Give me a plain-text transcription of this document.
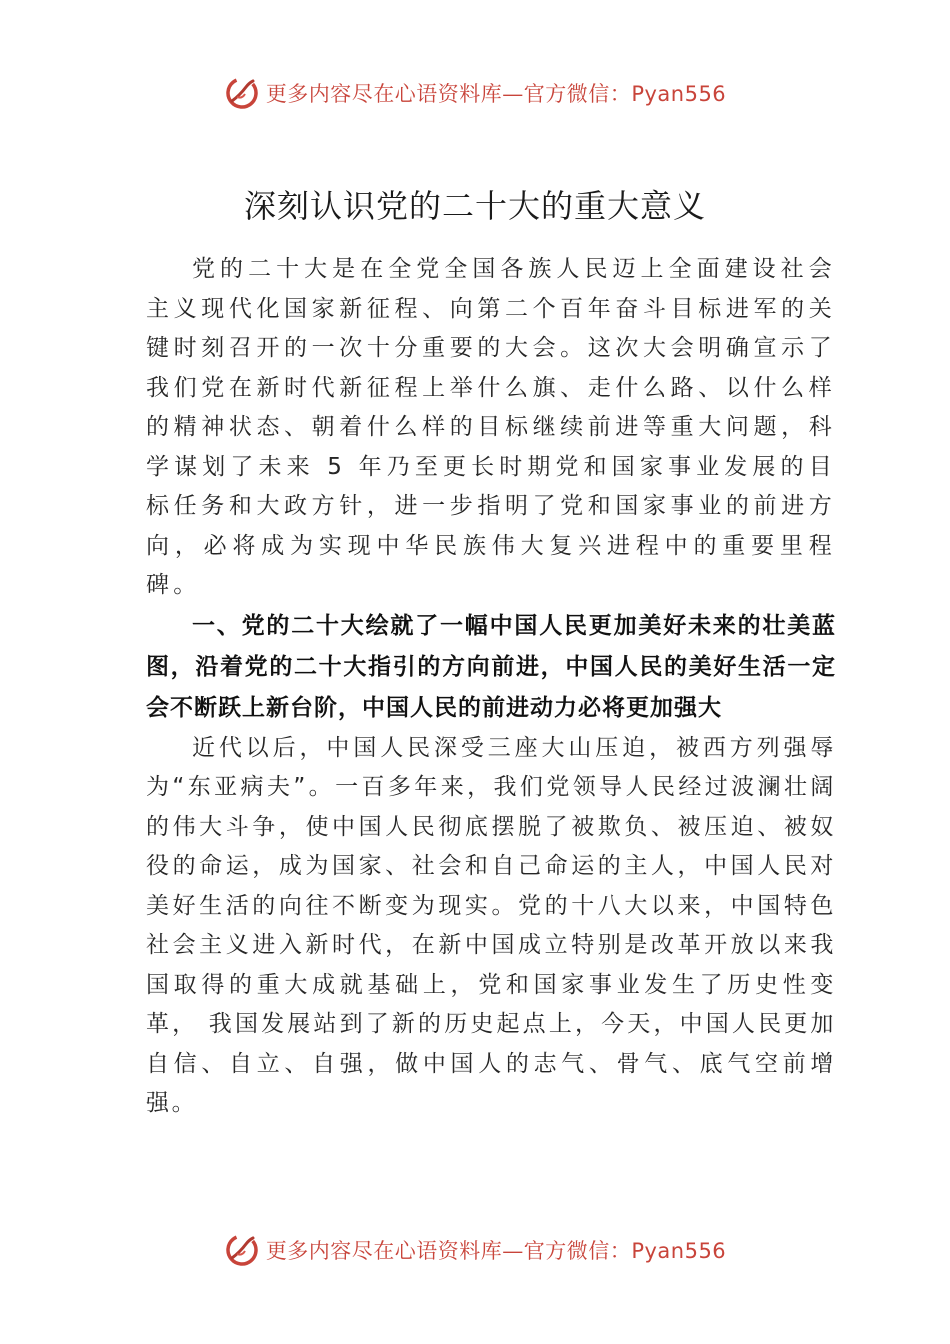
更多内容尽在心语资料库—官方微信：Pyan556
深刻认识党的二十大的重大意义

党的二十大是在全党全国各族人民迈上全面建设社会主义现代化国家新征程、向第二个百年奋斗目标进军的关键时刻召开的一次十分重要的大会。这次大会明确宣示了我们党在新时代新征程上举什么旗、走什么路、以什么样的精神状态、朝着什么样的目标继续前进等重大问题，科学谋划了未来 5 年乃至更长时期党和国家事业发展的目标任务和大政方针，进一步指明了党和国家事业的前进方向，必将成为实现中华民族伟大复兴进程中的重要里程碑。

一、党的二十大绘就了一幅中国人民更加美好未来的壮美蓝图，沿着党的二十大指引的方向前进，中国人民的美好生活一定会不断跃上新台阶，中国人民的前进动力必将更加强大

近代以后，中国人民深受三座大山压迫，被西方列强辱为“东亚病夫”。一百多年来，我们党领导人民经过波澜壮阔 的伟大斗争，使中国人民彻底摆脱了被欺负、被压迫、被奴 役的命运，成为国家、社会和自己命运的主人，中国人民对 美好生活的向往不断变为现实。党的十八大以来，中国特色 社会主义进入新时代，在新中国成立特别是改革开放以来我 国取得的重大成就基础上，党和国家事业发生了历史性变革， 我国发展站到了新的历史起点上，今天，中国人民更加自信、自立、自强，做中国人的志气、骨气、底气空前增强。

更多内容尽在心语资料库—官方微信：Pyan556
